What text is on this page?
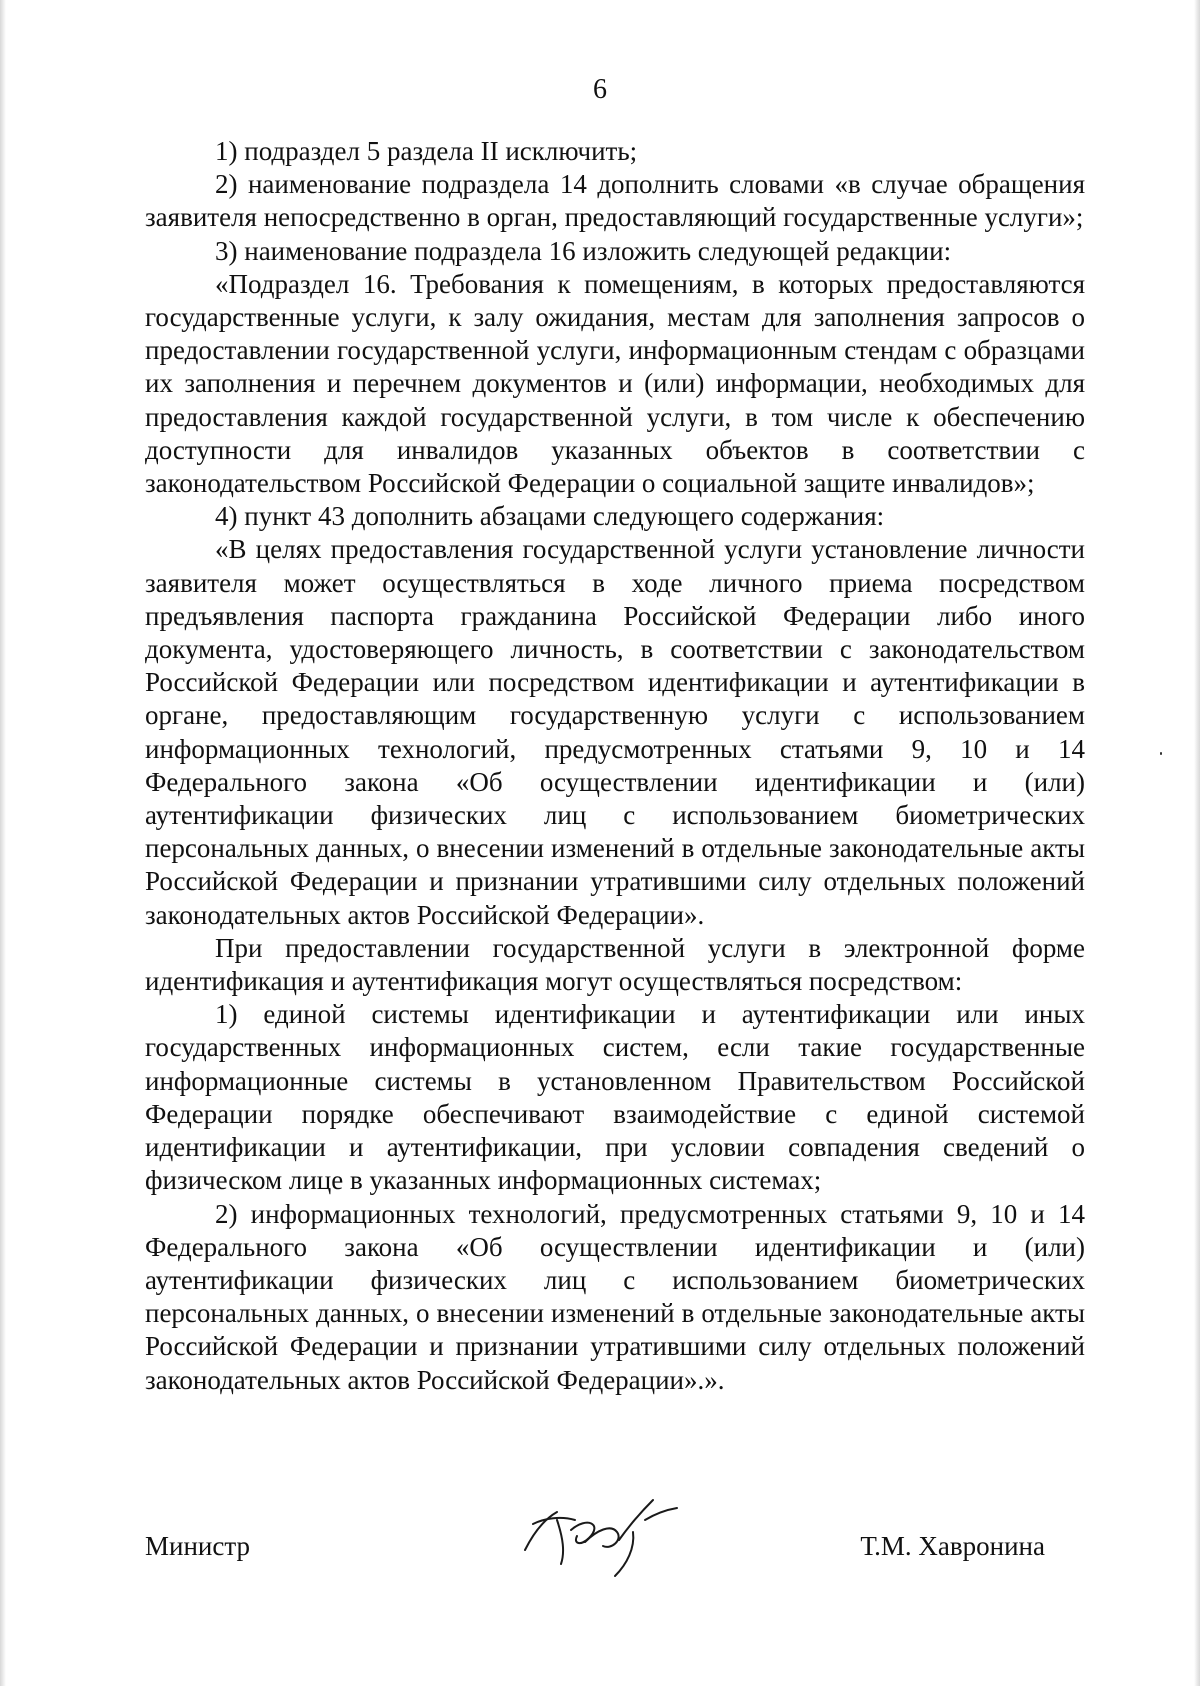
6

1) подраздел 5 раздела II исключить;

2) наименование подраздела 14 дополнить словами «в случае обращения заявителя непосредственно в орган, предоставляющий государственные услуги»;

3) наименование подраздела 16 изложить следующей редакции:

«Подраздел 16. Требования к помещениям, в которых предоставляются государственные услуги, к залу ожидания, местам для заполнения запросов о предоставлении государственной услуги, информационным стендам с образцами их заполнения и перечнем документов и (или) информации, необходимых для предоставления каждой государственной услуги, в том числе к обеспечению доступности для инвалидов указанных объектов в соответствии с законодательством Российской Федерации о социальной защите инвалидов»;

4) пункт 43 дополнить абзацами следующего содержания:

«В целях предоставления государственной услуги установление личности заявителя может осуществляться в ходе личного приема посредством предъявления паспорта гражданина Российской Федерации либо иного документа, удостоверяющего личность, в соответствии с законодательством Российской Федерации или посредством идентификации и аутентификации в органе, предоставляющим государственную услуги с использованием информационных технологий, предусмотренных статьями 9, 10 и 14 Федерального закона «Об осуществлении идентификации и (или) аутентификации физических лиц с использованием биометрических персональных данных, о внесении изменений в отдельные законодательные акты Российской Федерации и признании утратившими силу отдельных положений законодательных актов Российской Федерации».

При предоставлении государственной услуги в электронной форме идентификация и аутентификация могут осуществляться посредством:

1) единой системы идентификации и аутентификации или иных государственных информационных систем, если такие государственные информационные системы в установленном Правительством Российской Федерации порядке обеспечивают взаимодействие с единой системой идентификации и аутентификации, при условии совпадения сведений о физическом лице в указанных информационных системах;

2) информационных технологий, предусмотренных статьями 9, 10 и 14 Федерального закона «Об осуществлении идентификации и (или) аутентификации физических лиц с использованием биометрических персональных данных, о внесении изменений в отдельные законодательные акты Российской Федерации и признании утратившими силу отдельных положений законодательных актов Российской Федерации».».

Министр	Т.М. Хавронина
